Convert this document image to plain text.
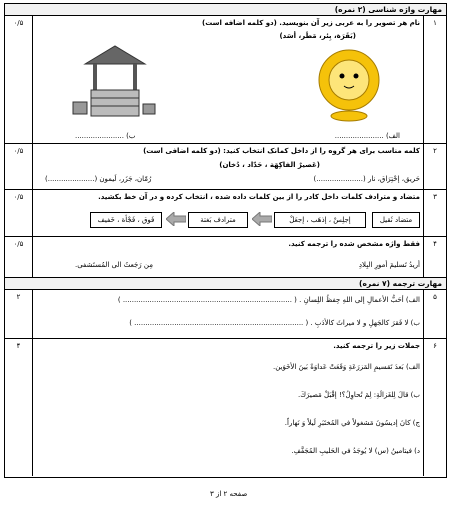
مهارت واژه شناسی (۲ نمره)
۱
۰/۵	نام هر تصویر را به عربی زیر آن بنویسید. (دو کلمه اضافه است)
(بَقَرَة، بِئر، مَطَر، أسَد)
الف) ......................
ب) ......................
۲
۰/۵	کلمه مناسب برای هر گروه را از داخل کمانک انتخاب کنید: (دو کلمه اضافی است)
(عَصيرٌ الفاكِهَة ، حَدّاد ، دُخان)
حَريق، إحْتِرَاق، نار (.....................)
رُمّان، جَزَر، لَيمون (.....................)
۳
۰/۵	متضاد و مترادف کلمات داخل کادر را از بین کلمات داده شده ، انتخاب کرده و در آن خط بکشید.
متضاد ثَقیل
إجلِسْ ، إذهَب ، إجعَلْ
مترادف بَغتة
فَوق ، فَجْأة ، خَفيف
۴
۰/۵	فقط واژه مشخص شده را ترجمه کنید.
أريدُ تَسليمَ أمورِ البِلادِ
مِن رَجَعتُ الى المُستَشفى.
مهارت ترجمه (۷ نمره)
۵
۲	الف) أحَبُّ الأعمالِ إلى اللهِ حِفظُ اللِسانِ . ( ............................................................................ )
ب) لا فَقرَ كالجَهلِ و لا ميراثَ كالأدَبِ . ( ............................................................................ )
۶
۴	جملات زیر را ترجمه کنید.
الف) بَعدَ تَقسيمِ المَزرَعَةِ وَقَعَتْ عَداوَةٌ بَينَ الأخَوَين.
ب) قالَ لِلغَزالَةِ: لِمَ تُحاوِلُ؟! إقْبَلْ مَصيرَكَ.
ج) كانَ إديسُونَ مَشغولاً في المُختَبَرِ لَيلاً وَ نَهاراً.
د) فيتامينُ (س) لا يُوجَدُ في الحَليبِ المُجَفَّفِ.
صفحه ۲ از ۳
